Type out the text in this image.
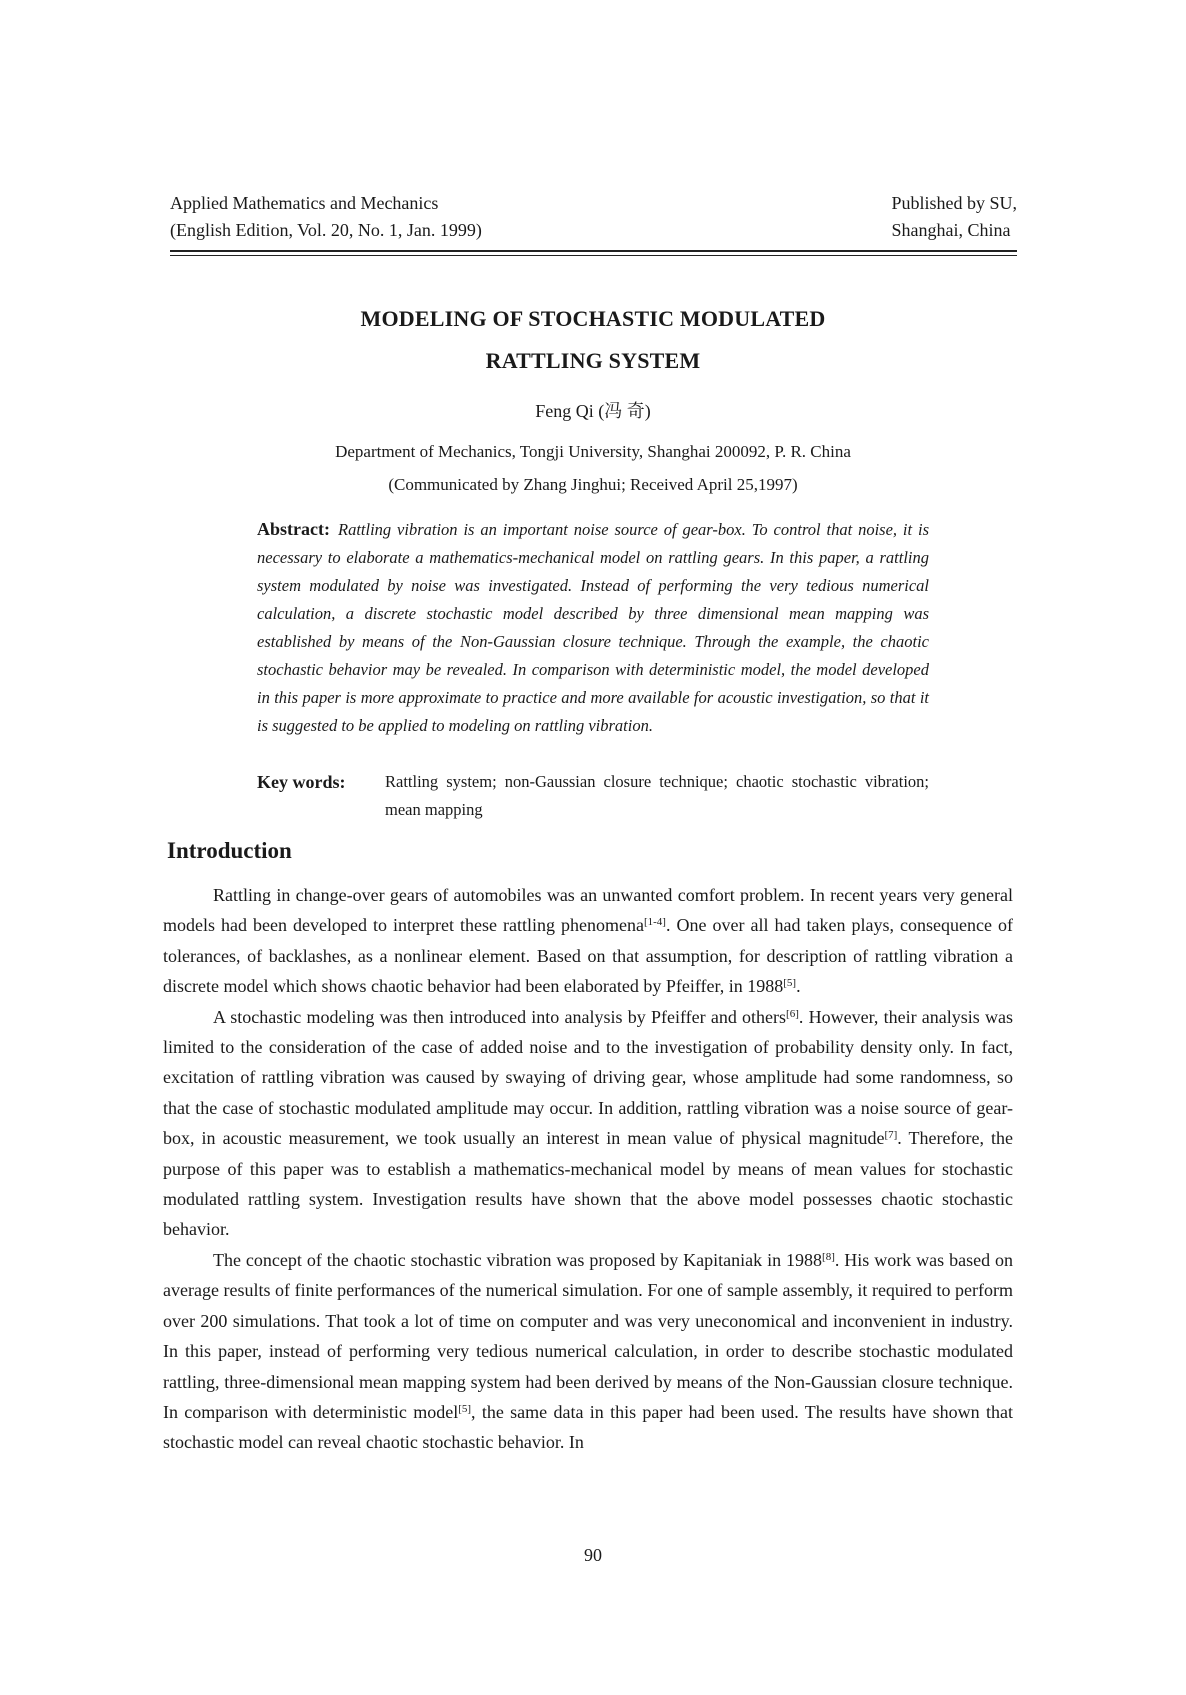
Applied Mathematics and Mechanics
(English Edition, Vol. 20, No. 1, Jan. 1999)
Published by SU,
Shanghai, China
MODELING OF STOCHASTIC MODULATED
RATTLING SYSTEM
Feng Qi (冯 奇)
Department of Mechanics, Tongji University, Shanghai 200092, P. R. China
(Communicated by Zhang Jinghui; Received April 25,1997)
Abstract: Rattling vibration is an important noise source of gear-box. To control that noise, it is necessary to elaborate a mathematics-mechanical model on rattling gears. In this paper, a rattling system modulated by noise was investigated. Instead of performing the very tedious numerical calculation, a discrete stochastic model described by three dimensional mean mapping was established by means of the Non-Gaussian closure technique. Through the example, the chaotic stochastic behavior may be revealed. In comparison with deterministic model, the model developed in this paper is more approximate to practice and more available for acoustic investigation, so that it is suggested to be applied to modeling on rattling vibration.
Key words: Rattling system; non-Gaussian closure technique; chaotic stochastic vibration; mean mapping
Introduction

Rattling in change-over gears of automobiles was an unwanted comfort problem. In recent years very general models had been developed to interpret these rattling phenomena[1-4]. One over all had taken plays, consequence of tolerances, of backlashes, as a nonlinear element. Based on that assumption, for description of rattling vibration a discrete model which shows chaotic behavior had been elaborated by Pfeiffer, in 1988[5].

A stochastic modeling was then introduced into analysis by Pfeiffer and others[6]. However, their analysis was limited to the consideration of the case of added noise and to the investigation of probability density only. In fact, excitation of rattling vibration was caused by swaying of driving gear, whose amplitude had some randomness, so that the case of stochastic modulated amplitude may occur. In addition, rattling vibration was a noise source of gear-box, in acoustic measurement, we took usually an interest in mean value of physical magnitude[7]. Therefore, the purpose of this paper was to establish a mathematics-mechanical model by means of mean values for stochastic modulated rattling system. Investigation results have shown that the above model possesses chaotic stochastic behavior.

The concept of the chaotic stochastic vibration was proposed by Kapitaniak in 1988[8]. His work was based on average results of finite performances of the numerical simulation. For one of sample assembly, it required to perform over 200 simulations. That took a lot of time on computer and was very uneconomical and inconvenient in industry. In this paper, instead of performing very tedious numerical calculation, in order to describe stochastic modulated rattling, three-dimensional mean mapping system had been derived by means of the Non-Gaussian closure technique. In comparison with deterministic model[5], the same data in this paper had been used. The results have shown that stochastic model can reveal chaotic stochastic behavior. In

90
